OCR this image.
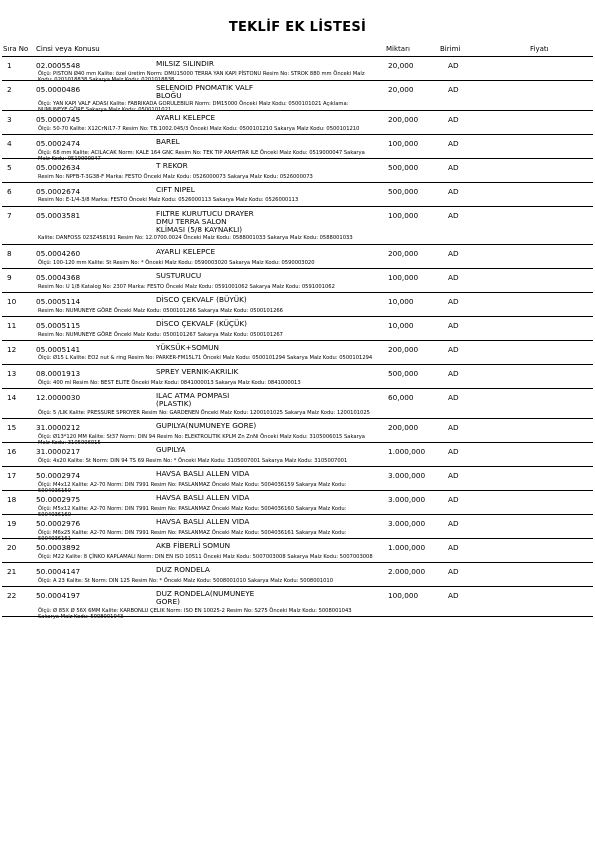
TEKLİF EK LİSTESİ
Sıra No Cinsi veya Konusu	Miktarı	Birimi	Fiyatı
1	02.0005548	MILSIZ SILINDIR	20,000	AD
Ölçü: PISTON Ø40 mm Kalite: özel üretim Norm: DMU15000 TERRA YAN KAPI PİSTONU Resim No: STROK 880 mm Önceki Malz Kodu: 0201018838 Sakarya Malz Kodu: 0201018838
2	05.0000486	SELENOID PNOMATIK VALF
BLOĞU
20,000	AD
Ölçü: YAN KAPI VALF ADASI Kalite: FABRIKADA GORULEBILIR Norm: DM15000 Önceki Malz Kodu: 0500101021 Açıklama: NUMUNEYE GÖRE Sakarya Malz Kodu: 0500101021
3	05.0000745	AYARLI KELEPCE	200,000	AD
Ölçü: 50-70 Kalite: X12CrNi17-7 Resim No: TB.1002.045/3 Önceki Malz Kodu: 0500101210 Sakarya Malz Kodu: 0500101210
4	05.0002474	BAREL	100,000	AD
Ölçü: 68 mm Kalite: ACILACAK Norm: KALE 164 GNC Resim No: TEK TIP ANAHTAR ILE Önceki Malz Kodu: 0519000047 Sakarya Malz Kodu: 0519000047
5	05.0002634	T REKOR	500,000	AD
Resim No: NPFB-T-3G38-F Marka: FESTO Önceki Malz Kodu: 0526000073 Sakarya Malz Kodu: 0526000073
6	05.0002674	CIFT NIPEL	500,000	AD
Resim No: E-1/4-3/8 Marka: FESTO Önceki Malz Kodu: 0526000113 Sakarya Malz Kodu: 0526000113
7	05.0003581	FILTRE KURUTUCU DRAYER
DMU TERRA SALON
KLİMASI (5/8 KAYNAKLI)
100,000	AD
Kalite: DANFOSS 023Z458191 Resim No: 12.0700.0024 Önceki Malz Kodu: 0588001033 Sakarya Malz Kodu: 0588001033
8	05.0004260	AYARLI KELEPCE	200,000	AD
Ölçü: 100-120 mm Kalite: St Resim No: * Önceki Malz Kodu: 0590003020 Sakarya Malz Kodu: 0590003020
9	05.0004368	SUSTURUCU	100,000	AD
Resim No: U 1/8 Katalog No: 2307 Marka: FESTO Önceki Malz Kodu: 0591001062 Sakarya Malz Kodu: 0591001062
10	05.0005114	DİSCO ÇEKVALF (BÜYÜK)	10,000	AD
Resim No: NUMUNEYE GÖRE Önceki Malz Kodu: 0500101266 Sakarya Malz Kodu: 0500101266
11	05.0005115	DİSCO ÇEKVALF (KÜÇÜK)	10,000	AD
Resim No: NUMUNEYE GÖRE Önceki Malz Kodu: 0500101267 Sakarya Malz Kodu: 0500101267
12	05.0005141	YÜKSÜK+SOMUN	200,000	AD
Ölçü: Ø15 L Kalite: EO2 nut & ring Resim No: PARKER-FM15L71 Önceki Malz Kodu: 0500101294 Sakarya Malz Kodu: 0500101294
13	08.0001913	SPREY VERNIK-AKRILIK	500,000	AD
Ölçü: 400 ml Resim No: BEST ELITE Önceki Malz Kodu: 0841000013 Sakarya Malz Kodu: 0841000013
14	12.0000030	ILAC ATMA POMPASI
(PLASTIK)
60,000	AD
Ölçü: 5 /LIK Kalite: PRESSURE SPROYER Resim No: GARDENEN Önceki Malz Kodu: 1200101025 Sakarya Malz Kodu: 1200101025
15	31.0000212	GUPILYA(NUMUNEYE GORE)	200,000	AD
Ölçü: Ø13*120 MM Kalite: St37 Norm: DIN 94 Resim No: ELEKTROLITIK KPLM Zn ZnNi Önceki Malz Kodu: 3105006015 Sakarya Malz Kodu: 3105006015
16	31.0000217	GUPILYA	1.000,000	AD
Ölçü: 4x20 Kalite: St Norm: DIN 94 TS 69 Resim No: * Önceki Malz Kodu: 3105007001 Sakarya Malz Kodu: 3105007001
17	50.0002974	HAVSA BASLI ALLEN VIDA	3.000,000	AD
Ölçü: M4x12 Kalite: A2-70 Norm: DIN 7991 Resim No: PASLANMAZ Önceki Malz Kodu: 5004036159 Sakarya Malz Kodu: 5004036159
18	50.0002975	HAVSA BASLI ALLEN VIDA	3.000,000	AD
Ölçü: M5x12 Kalite: A2-70 Norm: DIN 7991 Resim No: PASLANMAZ Önceki Malz Kodu: 5004036160 Sakarya Malz Kodu: 5004036160
19	50.0002976	HAVSA BASLI ALLEN VIDA	3.000,000	AD
Ölçü: M6x25 Kalite: A2-70 Norm: DIN 7991 Resim No: PASLANMAZ Önceki Malz Kodu: 5004036161 Sakarya Malz Kodu: 5004036161
20	50.0003892	AKB FİBERLİ SOMUN	1.000,000	AD
Ölçü: M22 Kalite: 8 ÇİNKO KAPLAMALI Norm: DIN EN ISO 10511 Önceki Malz Kodu: 5007003008 Sakarya Malz Kodu: 5007003008
21	50.0004147	DUZ RONDELA	2.000,000	AD
Ölçü: A 23 Kalite: St Norm: DIN 125 Resim No: * Önceki Malz Kodu: 5008001010 Sakarya Malz Kodu: 5008001010
22	50.0004197	DUZ RONDELA(NUMUNEYE
GORE)
100,000	AD
Ölçü: Ø 85X Ø 56X 6MM Kalite: KARBONLU ÇELIK Norm: ISO EN 10025-2 Resim No: S275 Önceki Malz Kodu: 5008001043 Sakarya Malz Kodu: 5008001043
